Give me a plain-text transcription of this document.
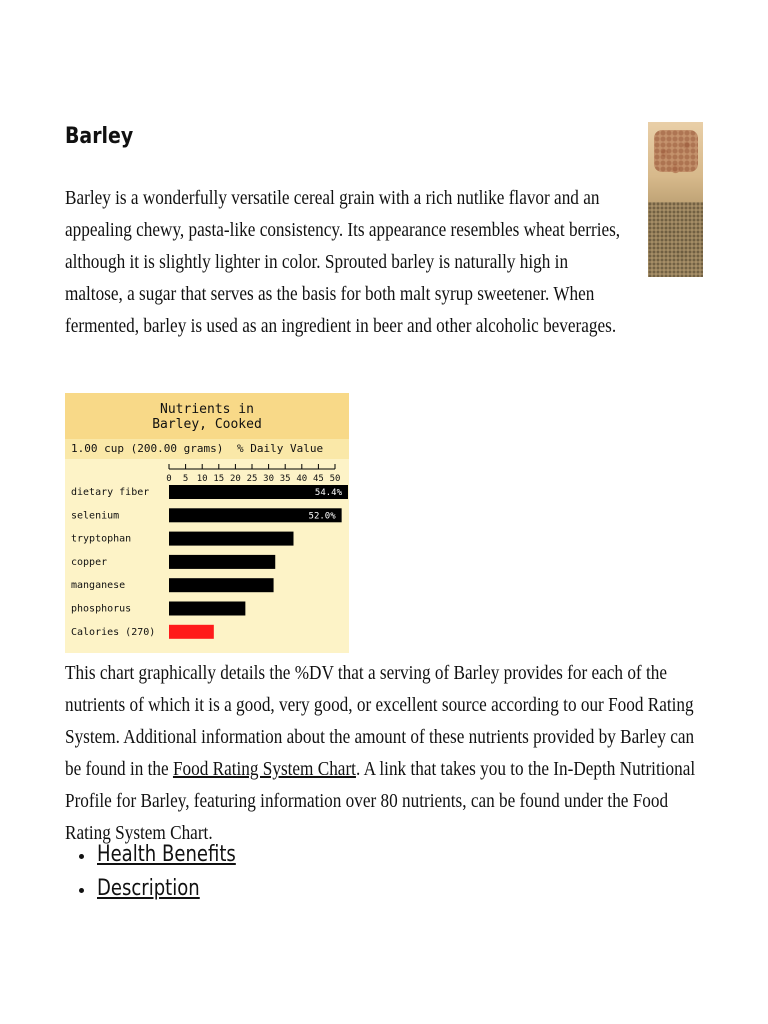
Barley

Barley is a wonderfully versatile cereal grain with a rich nutlike flavor and an appealing chewy, pasta-like consistency. Its appearance resembles wheat berries, although it is slightly lighter in color. Sprouted barley is naturally high in maltose, a sugar that serves as the basis for both malt syrup sweetener. When fermented, barley is used as an ingredient in beer and other alcoholic beverages.

Nutrients in
Barley, Cooked

1.00 cup (200.00 grams) % Daily Value
0 5 10 15 20 25 30 35 40 45 50
dietary fiber	54.4%
selenium	52.0%
tryptophan
copper
manganese
phosphorus
Calories (270)

This chart graphically details the %DV that a serving of Barley provides for each of the nutrients of which it is a good, very good, or excellent source according to our Food Rating System. Additional information about the amount of these nutrients provided by Barley can be found in the Food Rating System Chart. A link that takes you to the In-Depth Nutritional Profile for Barley, featuring information over 80 nutrients, can be found under the Food Rating System Chart.

Health Benefits
Description
